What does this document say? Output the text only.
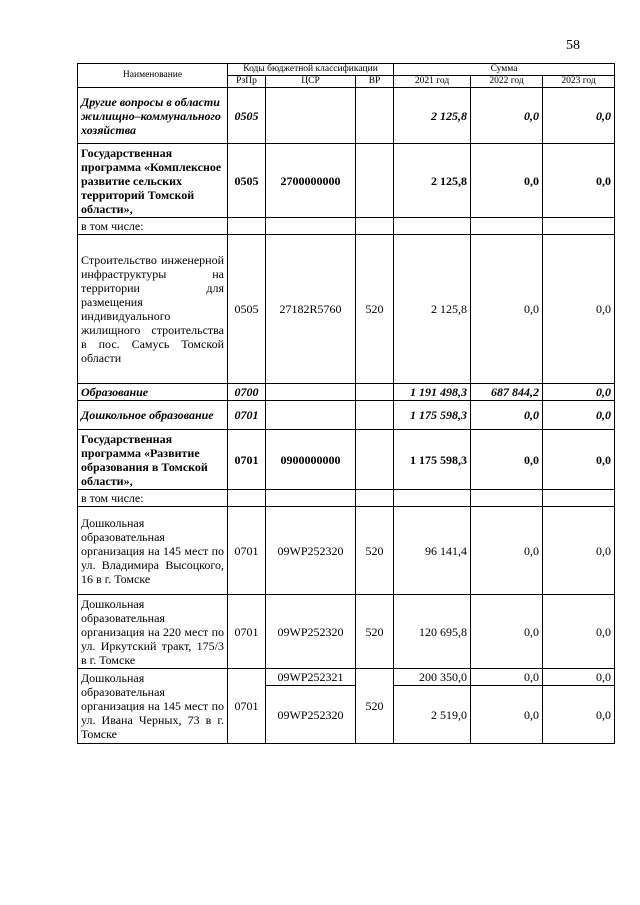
58
Наименование	Коды бюджетной классификации			Сумма		
	РзПр	ЦСР	ВР	2021 год	2022 год	2023 год
Другие вопросы в области жилищно–коммунального хозяйства	0505			2 125,8	0,0	0,0
Государственная программа «Комплексное развитие сельских территорий Томской области»,	0505	2700000000		2 125,8	0,0	0,0
в том числе:						
Строительство инженерной инфраструктуры на территории для размещения индивидуального жилищного строительства в пос. Самусь Томской области	0505	27182R5760	520	2 125,8	0,0	0,0
Образование	0700			1 191 498,3	687 844,2	0,0
Дошкольное образование	0701			1 175 598,3	0,0	0,0
Государственная программа «Развитие образования в Томской области»,	0701	0900000000		1 175 598,3	0,0	0,0
в том числе:						
Дошкольная образовательная организация на 145 мест по ул. Владимира Высоцкого, 16 в г. Томске	0701	09WP252320	520	96 141,4	0,0	0,0
Дошкольная образовательная организация на 220 мест по ул. Иркутский тракт, 175/3 в г. Томске	0701	09WP252320	520	120 695,8	0,0	0,0
Дошкольная образовательная организация на 145 мест по ул. Ивана Черных, 73 в г. Томске	0701	09WP252321	520	200 350,0	0,0	0,0
		09WP252320		2 519,0	0,0	0,0
